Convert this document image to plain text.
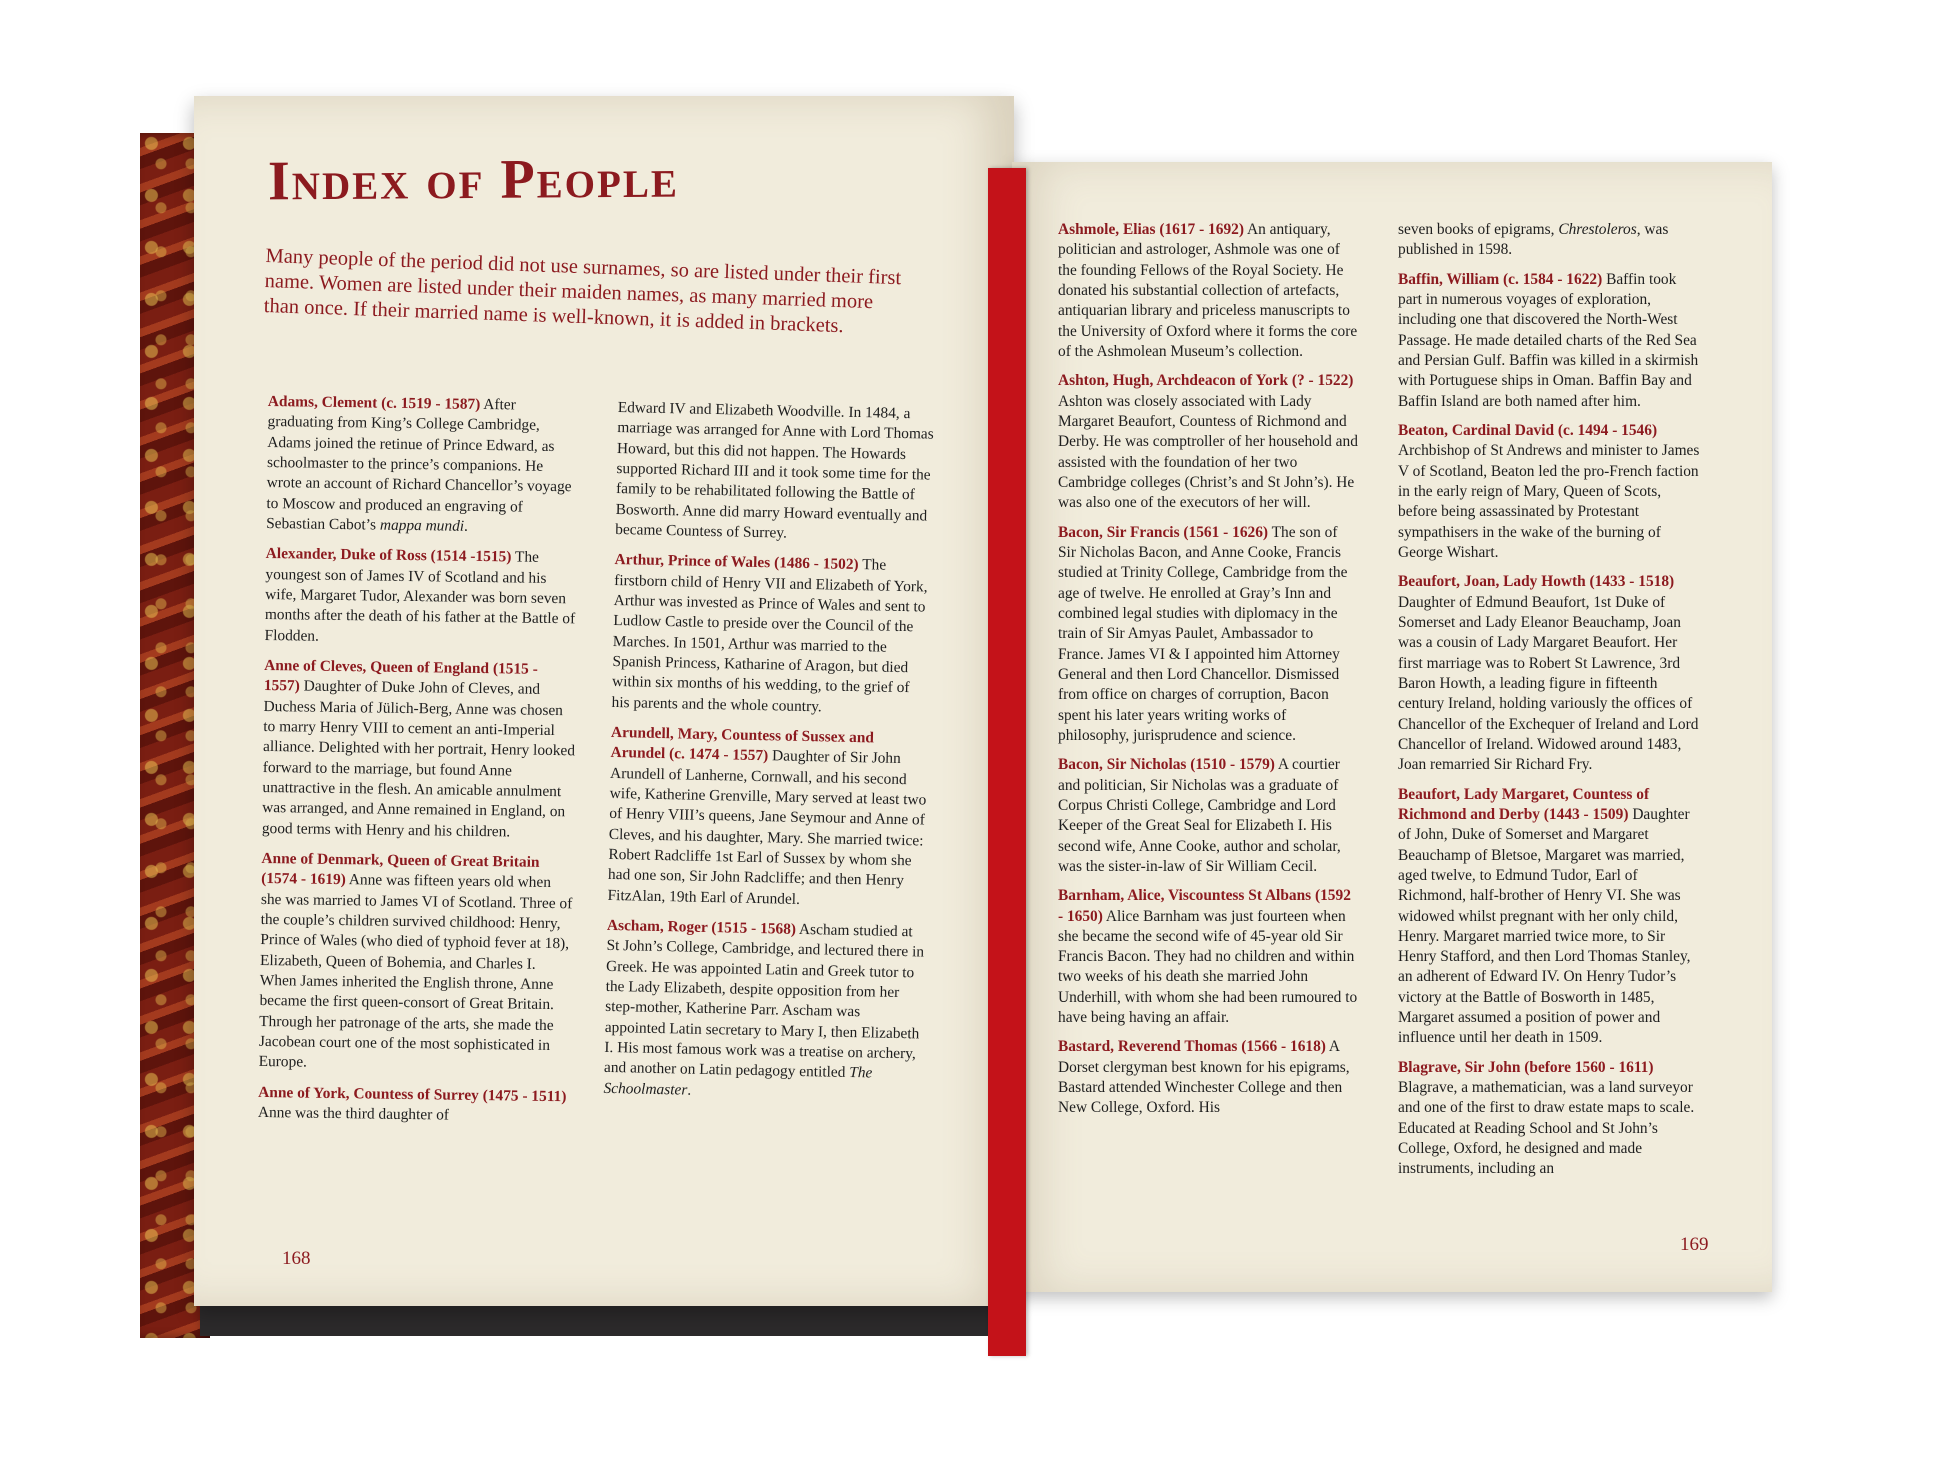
Index of People

Many people of the period did not use surnames, so are listed under their first name. Women are listed under their maiden names, as many married more than once. If their married name is well-known, it is added in brackets.

Adams, Clement (c. 1519 - 1587) After graduating from King’s College Cambridge, Adams joined the retinue of Prince Edward, as schoolmaster to the prince’s companions. He wrote an account of Richard Chancellor’s voyage to Moscow and produced an engraving of Sebastian Cabot’s mappa mundi.

Alexander, Duke of Ross (1514 -1515) The youngest son of James IV of Scotland and his wife, Margaret Tudor, Alexander was born seven months after the death of his father at the Battle of Flodden.

Anne of Cleves, Queen of England (1515 - 1557) Daughter of Duke John of Cleves, and Duchess Maria of Jülich-Berg, Anne was chosen to marry Henry VIII to cement an anti-Imperial alliance. Delighted with her portrait, Henry looked forward to the marriage, but found Anne unattractive in the flesh. An amicable annulment was arranged, and Anne remained in England, on good terms with Henry and his children.

Anne of Denmark, Queen of Great Britain (1574 - 1619) Anne was fifteen years old when she was married to James VI of Scotland. Three of the couple’s children survived childhood: Henry, Prince of Wales (who died of typhoid fever at 18), Elizabeth, Queen of Bohemia, and Charles I. When James inherited the English throne, Anne became the first queen-consort of Great Britain. Through her patronage of the arts, she made the Jacobean court one of the most sophisticated in Europe.

Anne of York, Countess of Surrey (1475 - 1511) Anne was the third daughter of

Edward IV and Elizabeth Woodville. In 1484, a marriage was arranged for Anne with Lord Thomas Howard, but this did not happen. The Howards supported Richard III and it took some time for the family to be rehabilitated following the Battle of Bosworth. Anne did marry Howard eventually and became Countess of Surrey.

Arthur, Prince of Wales (1486 - 1502) The firstborn child of Henry VII and Elizabeth of York, Arthur was invested as Prince of Wales and sent to Ludlow Castle to preside over the Council of the Marches. In 1501, Arthur was married to the Spanish Princess, Katharine of Aragon, but died within six months of his wedding, to the grief of his parents and the whole country.

Arundell, Mary, Countess of Sussex and Arundel (c. 1474 - 1557) Daughter of Sir John Arundell of Lanherne, Cornwall, and his second wife, Katherine Grenville, Mary served at least two of Henry VIII’s queens, Jane Seymour and Anne of Cleves, and his daughter, Mary. She married twice: Robert Radcliffe 1st Earl of Sussex by whom she had one son, Sir John Radcliffe; and then Henry FitzAlan, 19th Earl of Arundel.

Ascham, Roger (1515 - 1568) Ascham studied at St John’s College, Cambridge, and lectured there in Greek. He was appointed Latin and Greek tutor to the Lady Elizabeth, despite opposition from her step-mother, Katherine Parr. Ascham was appointed Latin secretary to Mary I, then Elizabeth I. His most famous work was a treatise on archery, and another on Latin pedagogy entitled The Schoolmaster.

Ashmole, Elias (1617 - 1692) An antiquary, politician and astrologer, Ashmole was one of the founding Fellows of the Royal Society. He donated his substantial collection of artefacts, antiquarian library and priceless manuscripts to the University of Oxford where it forms the core of the Ashmolean Museum’s collection.

Ashton, Hugh, Archdeacon of York (? - 1522) Ashton was closely associated with Lady Margaret Beaufort, Countess of Richmond and Derby. He was comptroller of her household and assisted with the foundation of her two Cambridge colleges (Christ’s and St John’s). He was also one of the executors of her will.

Bacon, Sir Francis (1561 - 1626) The son of Sir Nicholas Bacon, and Anne Cooke, Francis studied at Trinity College, Cambridge from the age of twelve. He enrolled at Gray’s Inn and combined legal studies with diplomacy in the train of Sir Amyas Paulet, Ambassador to France. James VI & I appointed him Attorney General and then Lord Chancellor. Dismissed from office on charges of corruption, Bacon spent his later years writing works of philosophy, jurisprudence and science.

Bacon, Sir Nicholas (1510 - 1579) A courtier and politician, Sir Nicholas was a graduate of Corpus Christi College, Cambridge and Lord Keeper of the Great Seal for Elizabeth I. His second wife, Anne Cooke, author and scholar, was the sister-in-law of Sir William Cecil.

Barnham, Alice, Viscountess St Albans (1592 - 1650) Alice Barnham was just fourteen when she became the second wife of 45-year old Sir Francis Bacon. They had no children and within two weeks of his death she married John Underhill, with whom she had been rumoured to have being having an affair.

Bastard, Reverend Thomas (1566 - 1618) A Dorset clergyman best known for his epigrams, Bastard attended Winchester College and then New College, Oxford. His

seven books of epigrams, Chrestoleros, was published in 1598.

Baffin, William (c. 1584 - 1622) Baffin took part in numerous voyages of exploration, including one that discovered the North-West Passage. He made detailed charts of the Red Sea and Persian Gulf. Baffin was killed in a skirmish with Portuguese ships in Oman. Baffin Bay and Baffin Island are both named after him.

Beaton, Cardinal David (c. 1494 - 1546) Archbishop of St Andrews and minister to James V of Scotland, Beaton led the pro-French faction in the early reign of Mary, Queen of Scots, before being assassinated by Protestant sympathisers in the wake of the burning of George Wishart.

Beaufort, Joan, Lady Howth (1433 - 1518) Daughter of Edmund Beaufort, 1st Duke of Somerset and Lady Eleanor Beauchamp, Joan was a cousin of Lady Margaret Beaufort. Her first marriage was to Robert St Lawrence, 3rd Baron Howth, a leading figure in fifteenth century Ireland, holding variously the offices of Chancellor of the Exchequer of Ireland and Lord Chancellor of Ireland. Widowed around 1483, Joan remarried Sir Richard Fry.

Beaufort, Lady Margaret, Countess of Richmond and Derby (1443 - 1509) Daughter of John, Duke of Somerset and Margaret Beauchamp of Bletsoe, Margaret was married, aged twelve, to Edmund Tudor, Earl of Richmond, half-brother of Henry VI. She was widowed whilst pregnant with her only child, Henry. Margaret married twice more, to Sir Henry Stafford, and then Lord Thomas Stanley, an adherent of Edward IV. On Henry Tudor’s victory at the Battle of Bosworth in 1485, Margaret assumed a position of power and influence until her death in 1509.

Blagrave, Sir John (before 1560 - 1611) Blagrave, a mathematician, was a land surveyor and one of the first to draw estate maps to scale. Educated at Reading School and St John’s College, Oxford, he designed and made instruments, including an

168
169
